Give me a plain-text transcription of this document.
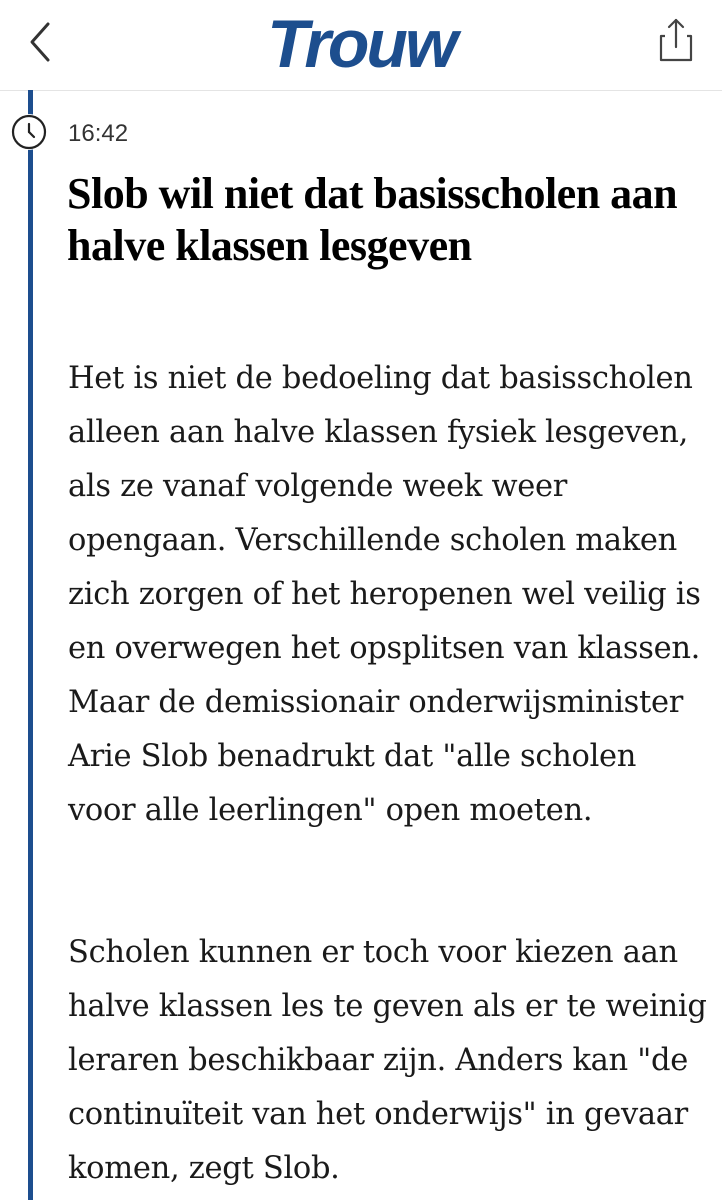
Trouw
16:42
Slob wil niet dat basisscholen aan halve klassen lesgeven

Het is niet de bedoeling dat basisscholen alleen aan halve klassen fysiek lesgeven, als ze vanaf volgende week weer opengaan. Verschillende scholen maken zich zorgen of het heropenen wel veilig is en overwegen het opsplitsen van klassen. Maar de demissionair onderwijsminister Arie Slob benadrukt dat "alle scholen voor alle leerlingen" open moeten.

Scholen kunnen er toch voor kiezen aan halve klassen les te geven als er te weinig leraren beschikbaar zijn. Anders kan "de continuïteit van het onderwijs" in gevaar komen, zegt Slob.
